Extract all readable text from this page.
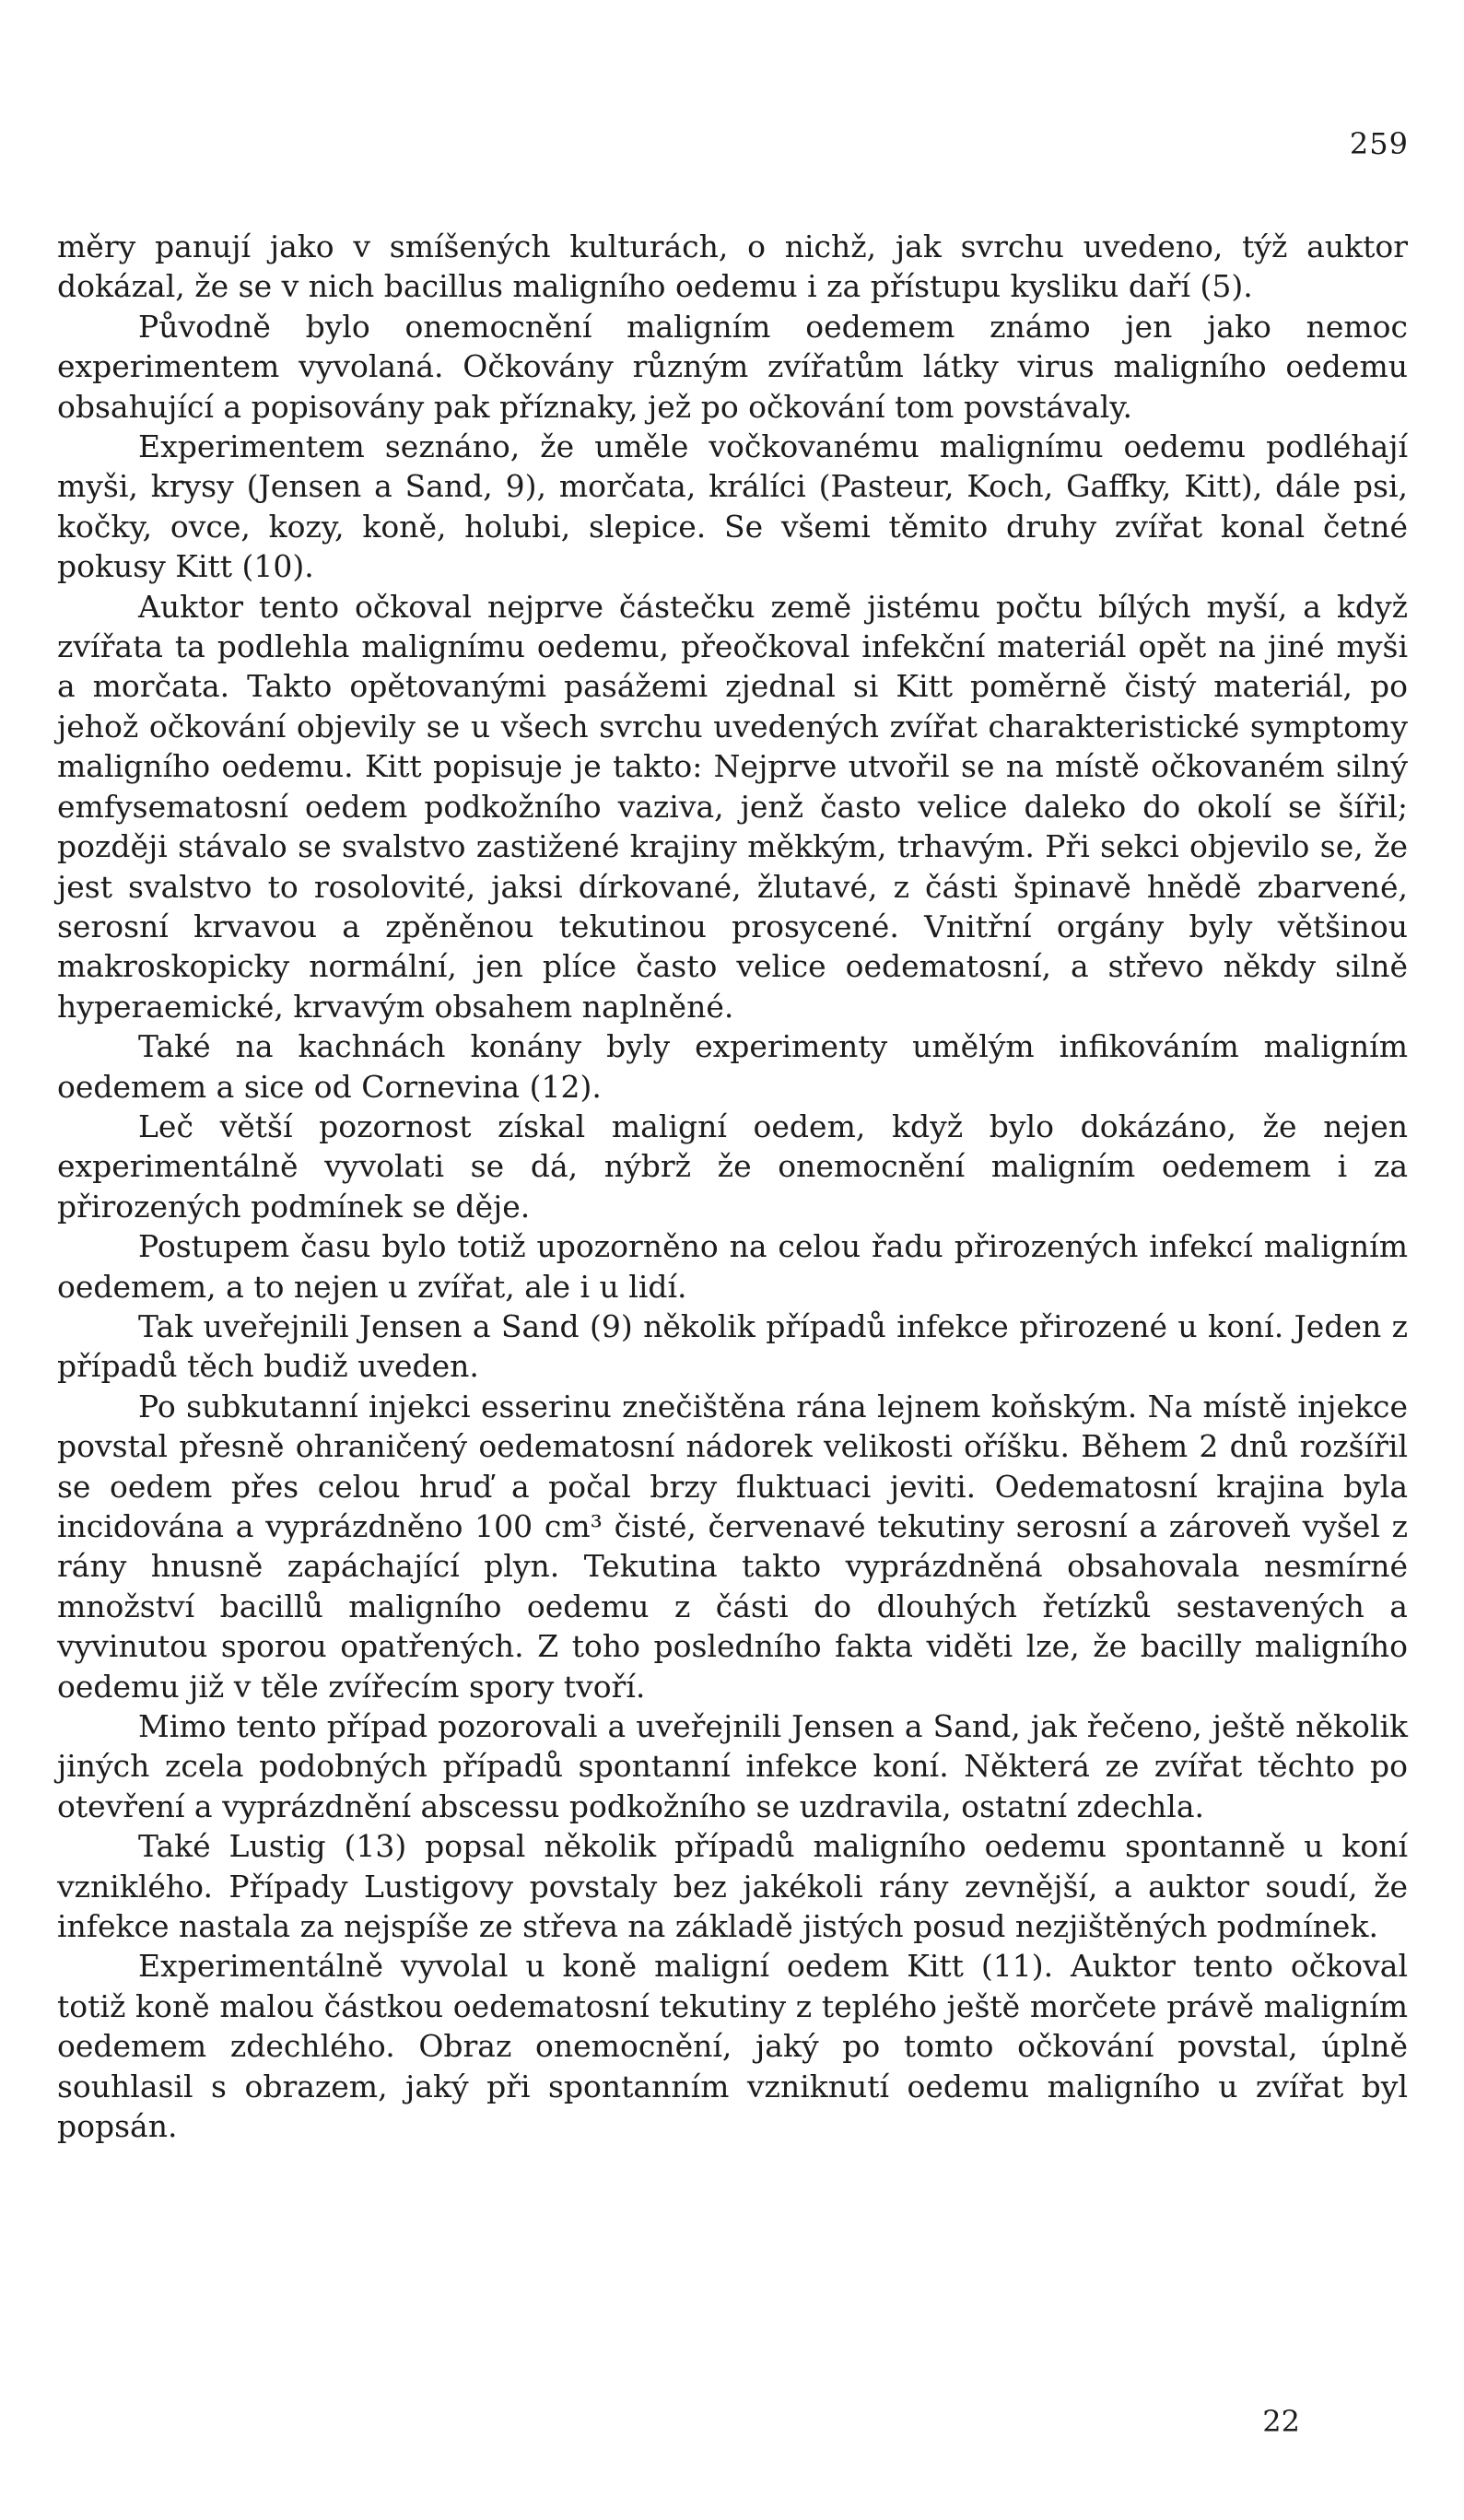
259

měry panují jako v smíšených kulturách, o nichž, jak svrchu uvedeno, týž auktor dokázal, že se v nich bacillus maligního oedemu i za přístupu kysliku daří (5).

Původně bylo onemocnění maligním oedemem známo jen jako nemoc experimentem vyvolaná. Očkovány různým zvířatům látky virus maligního oedemu obsahující a popisovány pak příznaky, jež po očkování tom povstávaly.

Experimentem seznáno, že uměle vočkovanému malignímu oedemu podléhají myši, krysy (Jensen a Sand, 9), morčata, králíci (Pasteur, Koch, Gaffky, Kitt), dále psi, kočky, ovce, kozy, koně, holubi, slepice. Se všemi těmito druhy zvířat konal četné pokusy Kitt (10).

Auktor tento očkoval nejprve částečku země jistému počtu bílých myší, a když zvířata ta podlehla malignímu oedemu, přeočkoval infekční materiál opět na jiné myši a morčata. Takto opětovanými pasážemi zjednal si Kitt poměrně čistý materiál, po jehož očkování objevily se u všech svrchu uvedených zvířat charakteristické symptomy maligního oedemu. Kitt popisuje je takto: Nejprve utvořil se na místě očkovaném silný emfysematosní oedem podkožního vaziva, jenž často velice daleko do okolí se šířil; později stávalo se svalstvo zastižené krajiny měkkým, trhavým. Při sekci objevilo se, že jest svalstvo to rosolovité, jaksi dírkované, žlutavé, z části špinavě hnědě zbarvené, serosní krvavou a zpěněnou tekutinou prosycené. Vnitřní orgány byly většinou makroskopicky normální, jen plíce často velice oedematosní, a střevo někdy silně hyperaemické, krvavým obsahem naplněné.

Také na kachnách konány byly experimenty umělým infikováním maligním oedemem a sice od Cornevina (12).

Leč větší pozornost získal maligní oedem, když bylo dokázáno, že nejen experimentálně vyvolati se dá, nýbrž že onemocnění maligním oedemem i za přirozených podmínek se děje.

Postupem času bylo totiž upozorněno na celou řadu přirozených infekcí maligním oedemem, a to nejen u zvířat, ale i u lidí.

Tak uveřejnili Jensen a Sand (9) několik případů infekce přirozené u koní. Jeden z případů těch budiž uveden.

Po subkutanní injekci esserinu znečištěna rána lejnem koňským. Na místě injekce povstal přesně ohraničený oedematosní nádorek velikosti oříšku. Během 2 dnů rozšířil se oedem přes celou hruď a počal brzy fluktuaci jeviti. Oedematosní krajina byla incidována a vyprázdněno 100 cm³ čisté, červenavé tekutiny serosní a zároveň vyšel z rány hnusně zapáchající plyn. Tekutina takto vyprázdněná obsahovala nesmírné množství bacillů maligního oedemu z části do dlouhých řetízků sestavených a vyvinutou sporou opatřených. Z toho posledního fakta viděti lze, že bacilly maligního oedemu již v těle zvířecím spory tvoří.

Mimo tento případ pozorovali a uveřejnili Jensen a Sand, jak řečeno, ještě několik jiných zcela podobných případů spontanní infekce koní. Některá ze zvířat těchto po otevření a vyprázdnění abscessu podkožního se uzdravila, ostatní zdechla.

Také Lustig (13) popsal několik případů maligního oedemu spontanně u koní vzniklého. Případy Lustigovy povstaly bez jakékoli rány zevnější, a auktor soudí, že infekce nastala za nejspíše ze střeva na základě jistých posud nezjištěných podmínek.

Experimentálně vyvolal u koně maligní oedem Kitt (11). Auktor tento očkoval totiž koně malou částkou oedematosní tekutiny z teplého ještě morčete právě maligním oedemem zdechlého. Obraz onemocnění, jaký po tomto očkování povstal, úplně souhlasil s obrazem, jaký při spontanním vzniknutí oedemu maligního u zvířat byl popsán.

22
